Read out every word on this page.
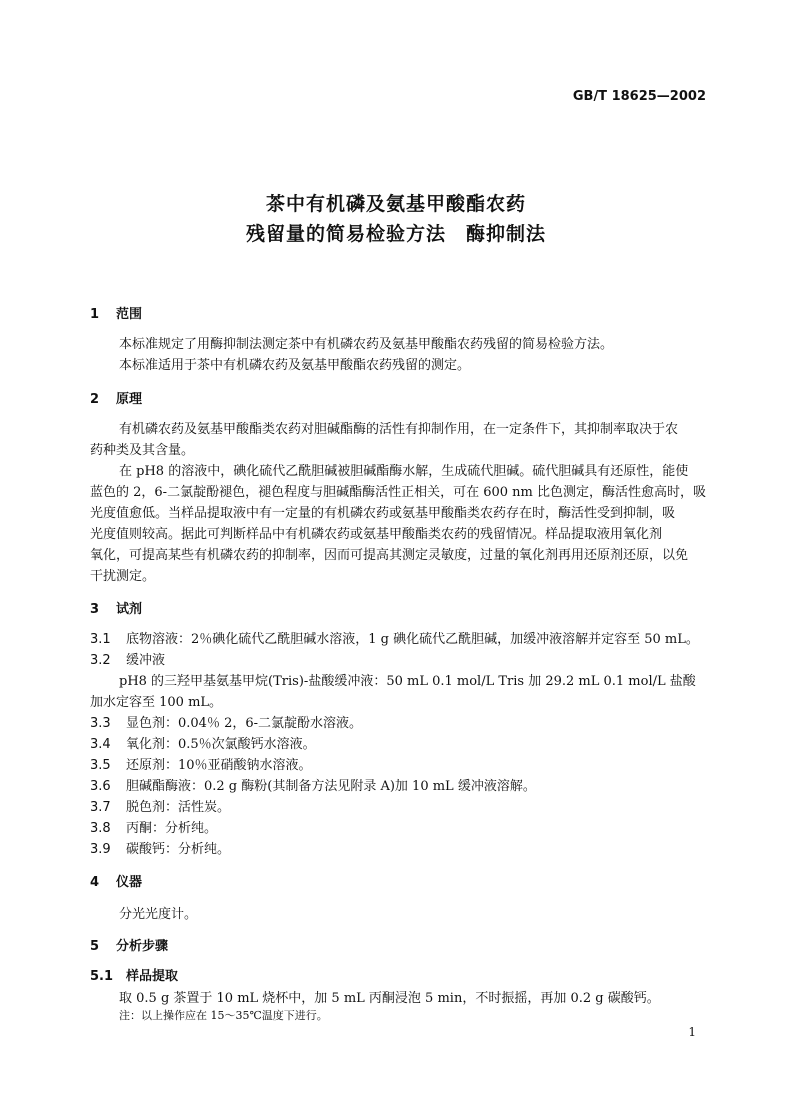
GB/T 18625—2002
茶中有机磷及氨基甲酸酯农药
残留量的简易检验方法　酶抑制法
1 范围
本标准规定了用酶抑制法测定茶中有机磷农药及氨基甲酸酯农药残留的简易检验方法。
本标准适用于茶中有机磷农药及氨基甲酸酯农药残留的测定。
2 原理
有机磷农药及氨基甲酸酯类农药对胆碱酯酶的活性有抑制作用，在一定条件下，其抑制率取决于农
药种类及其含量。
在 pH8 的溶液中，碘化硫代乙酰胆碱被胆碱酯酶水解，生成硫代胆碱。硫代胆碱具有还原性，能使
蓝色的 2，6-二氯靛酚褪色，褪色程度与胆碱酯酶活性正相关，可在 600 nm 比色测定，酶活性愈高时，吸
光度值愈低。当样品提取液中有一定量的有机磷农药或氨基甲酸酯类农药存在时，酶活性受到抑制，吸
光度值则较高。据此可判断样品中有机磷农药或氨基甲酸酯类农药的残留情况。样品提取液用氧化剂
氧化，可提高某些有机磷农药的抑制率，因而可提高其测定灵敏度，过量的氧化剂再用还原剂还原，以免
干扰测定。
3 试剂
3.1 底物溶液：2％碘化硫代乙酰胆碱水溶液，1 g 碘化硫代乙酰胆碱，加缓冲液溶解并定容至 50 mL。
3.2 缓冲液
pH8 的三羟甲基氨基甲烷(Tris)-盐酸缓冲液：50 mL 0.1 mol/L Tris 加 29.2 mL 0.1 mol/L 盐酸
加水定容至 100 mL。
3.3 显色剂：0.04％ 2，6-二氯靛酚水溶液。
3.4 氧化剂：0.5％次氯酸钙水溶液。
3.5 还原剂：10％亚硝酸钠水溶液。
3.6 胆碱酯酶液：0.2 g 酶粉(其制备方法见附录 A)加 10 mL 缓冲液溶解。
3.7 脱色剂：活性炭。
3.8 丙酮：分析纯。
3.9 碳酸钙：分析纯。
4 仪器
分光光度计。
5 分析步骤
5.1 样品提取
取 0.5 g 茶置于 10 mL 烧杯中，加 5 mL 丙酮浸泡 5 min，不时振摇，再加 0.2 g 碳酸钙。
注：以上操作应在 15～35℃温度下进行。
1
